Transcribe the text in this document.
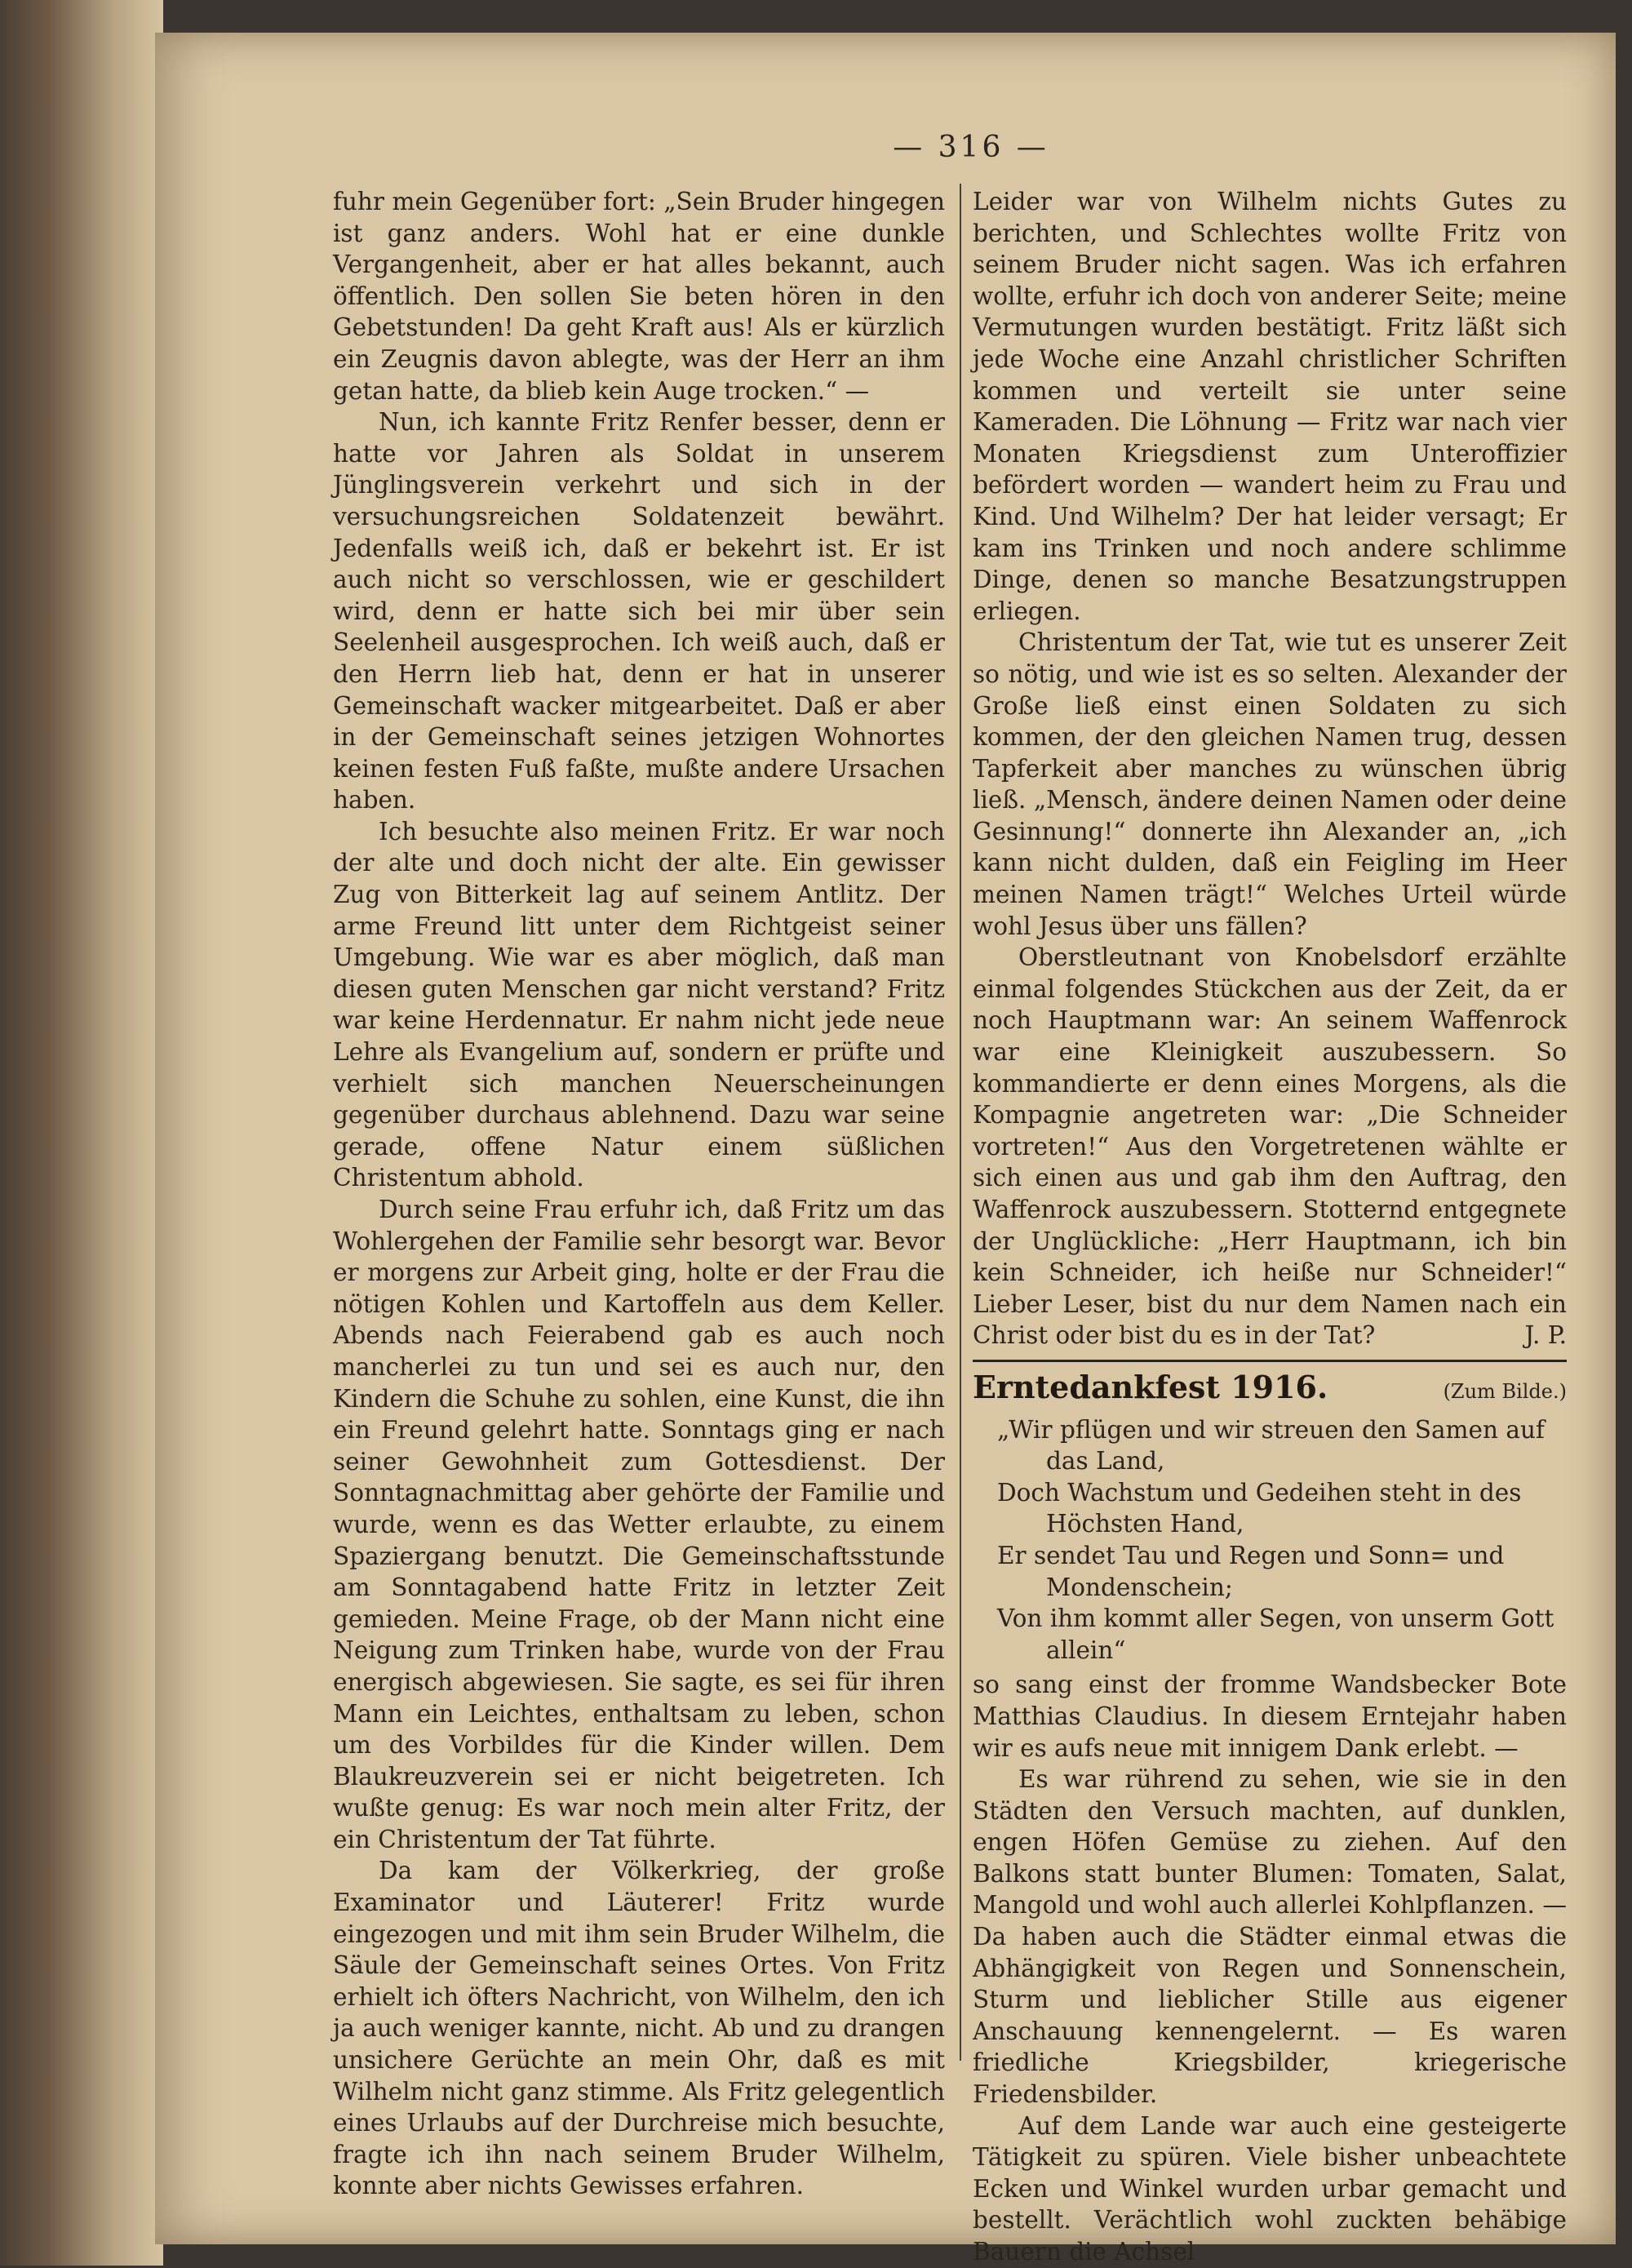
— 316 —

fuhr mein Gegenüber fort: „Sein Bruder hingegen ist ganz anders. Wohl hat er eine dunkle Vergangenheit, aber er hat alles bekannt, auch öffentlich. Den sollen Sie beten hören in den Gebetstunden! Da geht Kraft aus! Als er kürzlich ein Zeugnis davon ablegte, was der Herr an ihm getan hatte, da blieb kein Auge trocken.“ —

Nun, ich kannte Fritz Renfer besser, denn er hatte vor Jahren als Soldat in unserem Jünglingsverein verkehrt und sich in der versuchungsreichen Soldatenzeit bewährt. Jedenfalls weiß ich, daß er bekehrt ist. Er ist auch nicht so verschlossen, wie er geschildert wird, denn er hatte sich bei mir über sein Seelenheil ausgesprochen. Ich weiß auch, daß er den Herrn lieb hat, denn er hat in unserer Gemeinschaft wacker mitgearbeitet. Daß er aber in der Gemeinschaft seines jetzigen Wohnortes keinen festen Fuß faßte, mußte andere Ursachen haben.

Ich besuchte also meinen Fritz. Er war noch der alte und doch nicht der alte. Ein gewisser Zug von Bitterkeit lag auf seinem Antlitz. Der arme Freund litt unter dem Richtgeist seiner Umgebung. Wie war es aber möglich, daß man diesen guten Menschen gar nicht verstand? Fritz war keine Herdennatur. Er nahm nicht jede neue Lehre als Evangelium auf, sondern er prüfte und verhielt sich manchen Neuerscheinungen gegenüber durchaus ablehnend. Dazu war seine gerade, offene Natur einem süßlichen Christentum abhold.

Durch seine Frau erfuhr ich, daß Fritz um das Wohlergehen der Familie sehr besorgt war. Bevor er morgens zur Arbeit ging, holte er der Frau die nötigen Kohlen und Kartoffeln aus dem Keller. Abends nach Feierabend gab es auch noch mancherlei zu tun und sei es auch nur, den Kindern die Schuhe zu sohlen, eine Kunst, die ihn ein Freund gelehrt hatte. Sonntags ging er nach seiner Gewohnheit zum Gottesdienst. Der Sonntagnachmittag aber gehörte der Familie und wurde, wenn es das Wetter erlaubte, zu einem Spaziergang benutzt. Die Gemeinschaftsstunde am Sonntagabend hatte Fritz in letzter Zeit gemieden. Meine Frage, ob der Mann nicht eine Neigung zum Trinken habe, wurde von der Frau energisch abgewiesen. Sie sagte, es sei für ihren Mann ein Leichtes, enthaltsam zu leben, schon um des Vorbildes für die Kinder willen. Dem Blaukreuzverein sei er nicht beigetreten. Ich wußte genug: Es war noch mein alter Fritz, der ein Christentum der Tat führte.

Da kam der Völkerkrieg, der große Examinator und Läuterer! Fritz wurde eingezogen und mit ihm sein Bruder Wilhelm, die Säule der Gemeinschaft seines Ortes. Von Fritz erhielt ich öfters Nachricht, von Wilhelm, den ich ja auch weniger kannte, nicht. Ab und zu drangen unsichere Gerüchte an mein Ohr, daß es mit Wilhelm nicht ganz stimme. Als Fritz gelegentlich eines Urlaubs auf der Durchreise mich besuchte, fragte ich ihn nach seinem Bruder Wilhelm, konnte aber nichts Gewisses erfahren.

Leider war von Wilhelm nichts Gutes zu berichten, und Schlechtes wollte Fritz von seinem Bruder nicht sagen. Was ich erfahren wollte, erfuhr ich doch von anderer Seite; meine Vermutungen wurden bestätigt. Fritz läßt sich jede Woche eine Anzahl christlicher Schriften kommen und verteilt sie unter seine Kameraden. Die Löhnung — Fritz war nach vier Monaten Kriegsdienst zum Unteroffizier befördert worden — wandert heim zu Frau und Kind. Und Wilhelm? Der hat leider versagt; Er kam ins Trinken und noch andere schlimme Dinge, denen so manche Besatzungstruppen erliegen.

Christentum der Tat, wie tut es unserer Zeit so nötig, und wie ist es so selten. Alexander der Große ließ einst einen Soldaten zu sich kommen, der den gleichen Namen trug, dessen Tapferkeit aber manches zu wünschen übrig ließ. „Mensch, ändere deinen Namen oder deine Gesinnung!“ donnerte ihn Alexander an, „ich kann nicht dulden, daß ein Feigling im Heer meinen Namen trägt!“ Welches Urteil würde wohl Jesus über uns fällen?

Oberstleutnant von Knobelsdorf erzählte einmal folgendes Stückchen aus der Zeit, da er noch Hauptmann war: An seinem Waffenrock war eine Kleinigkeit auszubessern. So kommandierte er denn eines Morgens, als die Kompagnie angetreten war: „Die Schneider vortreten!“ Aus den Vorgetretenen wählte er sich einen aus und gab ihm den Auftrag, den Waffenrock auszubessern. Stotternd entgegnete der Unglückliche: „Herr Hauptmann, ich bin kein Schneider, ich heiße nur Schneider!“ Lieber Leser, bist du nur dem Namen nach ein Christ oder bist du es in der Tat?	J. P.

Erntedankfest 1916.	(Zum Bilde.)

„Wir pflügen und wir streuen den Samen auf

das Land,

Doch Wachstum und Gedeihen steht in des

Höchsten Hand,

Er sendet Tau und Regen und Sonn= und

Mondenschein;

Von ihm kommt aller Segen, von unserm Gott

allein“

so sang einst der fromme Wandsbecker Bote Matthias Claudius. In diesem Erntejahr haben wir es aufs neue mit innigem Dank erlebt. —

Es war rührend zu sehen, wie sie in den Städten den Versuch machten, auf dunklen, engen Höfen Gemüse zu ziehen. Auf den Balkons statt bunter Blumen: Tomaten, Salat, Mangold und wohl auch allerlei Kohlpflanzen. — Da haben auch die Städter einmal etwas die Abhängigkeit von Regen und Sonnenschein, Sturm und lieblicher Stille aus eigener Anschauung kennengelernt. — Es waren friedliche Kriegsbilder, kriegerische Friedensbilder.

Auf dem Lande war auch eine gesteigerte Tätigkeit zu spüren. Viele bisher unbeachtete Ecken und Winkel wurden urbar gemacht und bestellt. Verächtlich wohl zuckten behäbige Bauern die Achsel
